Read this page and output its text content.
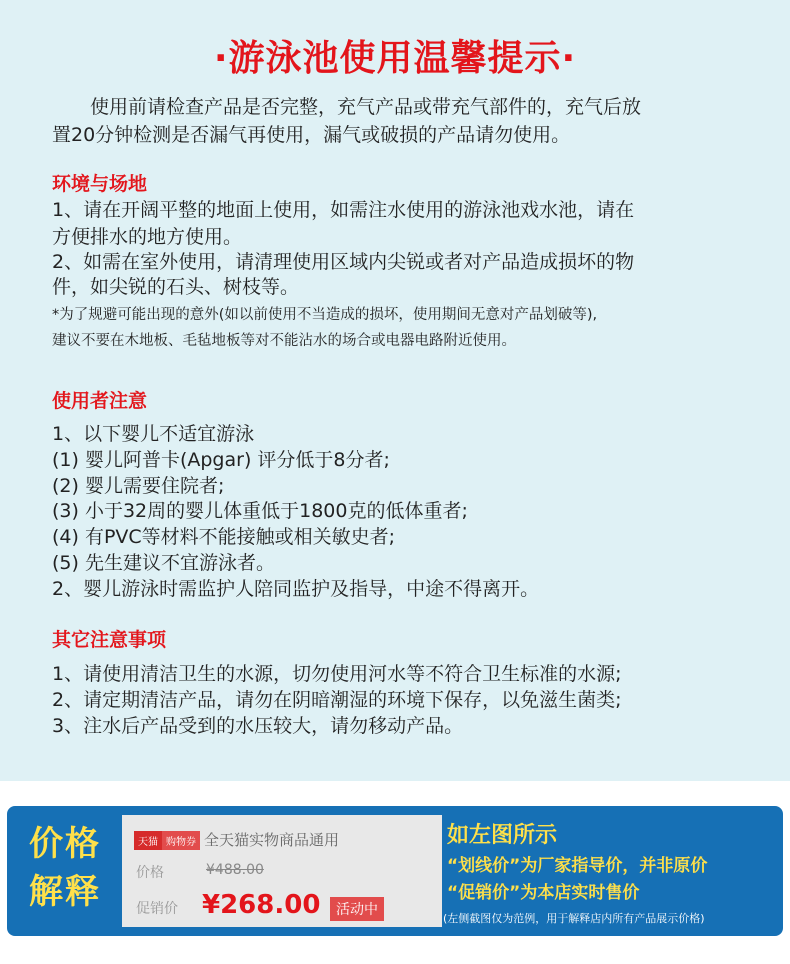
·游泳池使用温馨提示·
使用前请检查产品是否完整，充气产品或带充气部件的，充气后放
置20分钟检测是否漏气再使用，漏气或破损的产品请勿使用。
环境与场地
1、请在开阔平整的地面上使用，如需注水使用的游泳池戏水池，请在
方便排水的地方使用。
2、如需在室外使用，请清理使用区域内尖锐或者对产品造成损坏的物
件，如尖锐的石头、树枝等。
*为了规避可能出现的意外(如以前使用不当造成的损坏，使用期间无意对产品划破等),
建议不要在木地板、毛毡地板等对不能沾水的场合或电器电路附近使用。
使用者注意
1、以下婴儿不适宜游泳
(1) 婴儿阿普卡(Apgar) 评分低于8分者;
(2) 婴儿需要住院者;
(3) 小于32周的婴儿体重低于1800克的低体重者;
(4) 有PVC等材料不能接触或相关敏史者;
(5) 先生建议不宜游泳者。
2、婴儿游泳时需监护人陪同监护及指导，中途不得离开。
其它注意事项
1、请使用清洁卫生的水源，切勿使用河水等不符合卫生标准的水源;
2、请定期清洁产品，请勿在阴暗潮湿的环境下保存，以免滋生菌类;
3、注水后产品受到的水压较大，请勿移动产品。
价格
解释
天猫 购物券 全天猫实物商品通用
价格	¥488.00
促销价 ¥268.00	活动中
如左图所示
“划线价”为厂家指导价，并非原价
“促销价”为本店实时售价
(左侧截图仅为范例，用于解释店内所有产品展示价格)
